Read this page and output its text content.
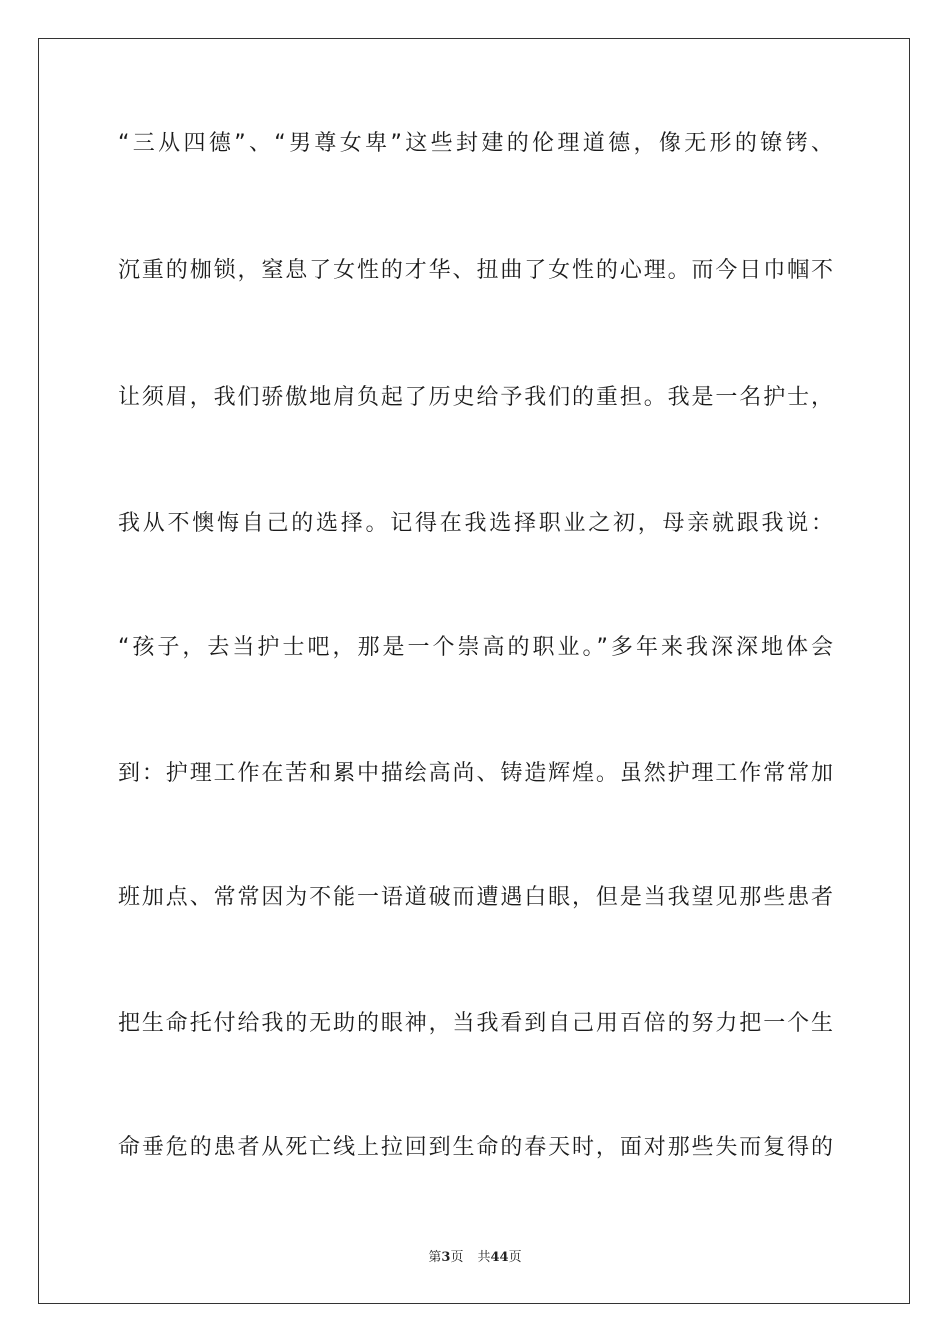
“三从四德”、“男尊女卑”这些封建的伦理道德，像无形的镣铐、
沉重的枷锁，窒息了女性的才华、扭曲了女性的心理。而今日巾帼不
让须眉，我们骄傲地肩负起了历史给予我们的重担。我是一名护士，
我从不懊悔自己的选择。记得在我选择职业之初，母亲就跟我说：
“孩子，去当护士吧，那是一个崇高的职业。”多年来我深深地体会
到：护理工作在苦和累中描绘高尚、铸造辉煌。虽然护理工作常常加
班加点、常常因为不能一语道破而遭遇白眼，但是当我望见那些患者
把生命托付给我的无助的眼神，当我看到自己用百倍的努力把一个生
命垂危的患者从死亡线上拉回到生命的春天时，面对那些失而复得的
第3页 共44页
